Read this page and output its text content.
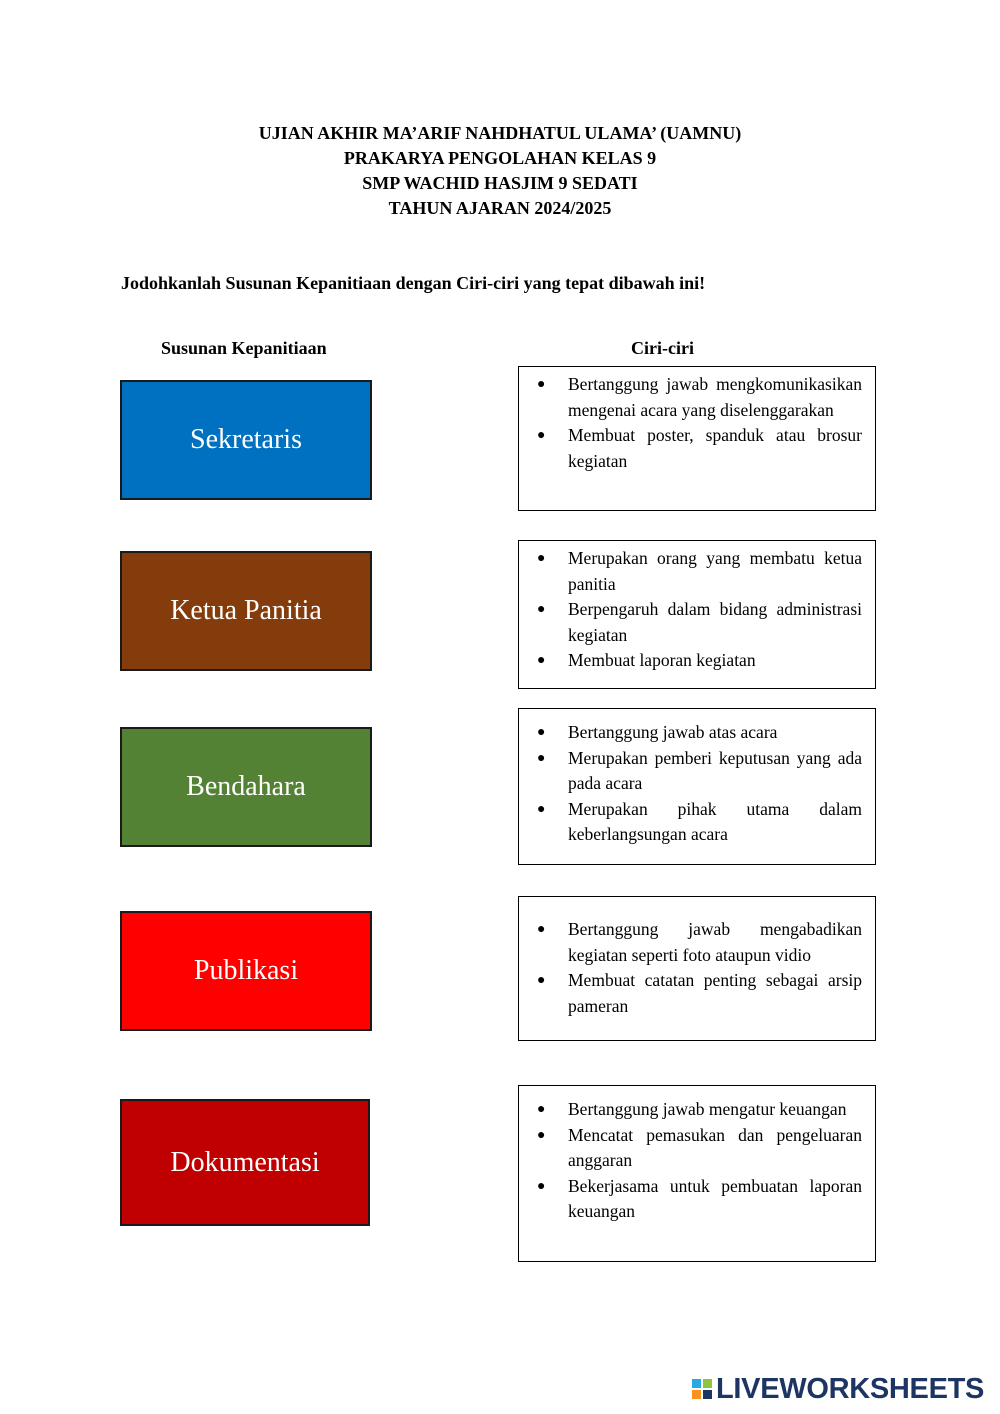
UJIAN AKHIR MA’ARIF NAHDHATUL ULAMA’ (UAMNU)
PRAKARYA PENGOLAHAN KELAS 9
SMP WACHID HASJIM 9 SEDATI
TAHUN AJARAN 2024/2025
Jodohkanlah Susunan Kepanitiaan dengan Ciri-ciri yang tepat dibawah ini!
Susunan Kepanitiaan	Ciri-ciri
Sekretaris
Ketua Panitia
Bendahara
Publikasi
Dokumentasi
● Bertanggung jawab mengkomunikasikan mengenai acara yang diselenggarakan
● Membuat poster, spanduk atau brosur kegiatan
● Merupakan orang yang membatu ketua panitia
● Berpengaruh dalam bidang administrasi kegiatan
● Membuat laporan kegiatan
● Bertanggung jawab atas acara
● Merupakan pemberi keputusan yang ada pada acara
● Merupakan pihak utama dalam keberlangsungan acara
● Bertanggung jawab mengabadikan kegiatan seperti foto ataupun vidio
● Membuat catatan penting sebagai arsip pameran
● Bertanggung jawab mengatur keuangan
● Mencatat pemasukan dan pengeluaran anggaran
● Bekerjasama untuk pembuatan laporan keuangan
LIVEWORKSHEETS
